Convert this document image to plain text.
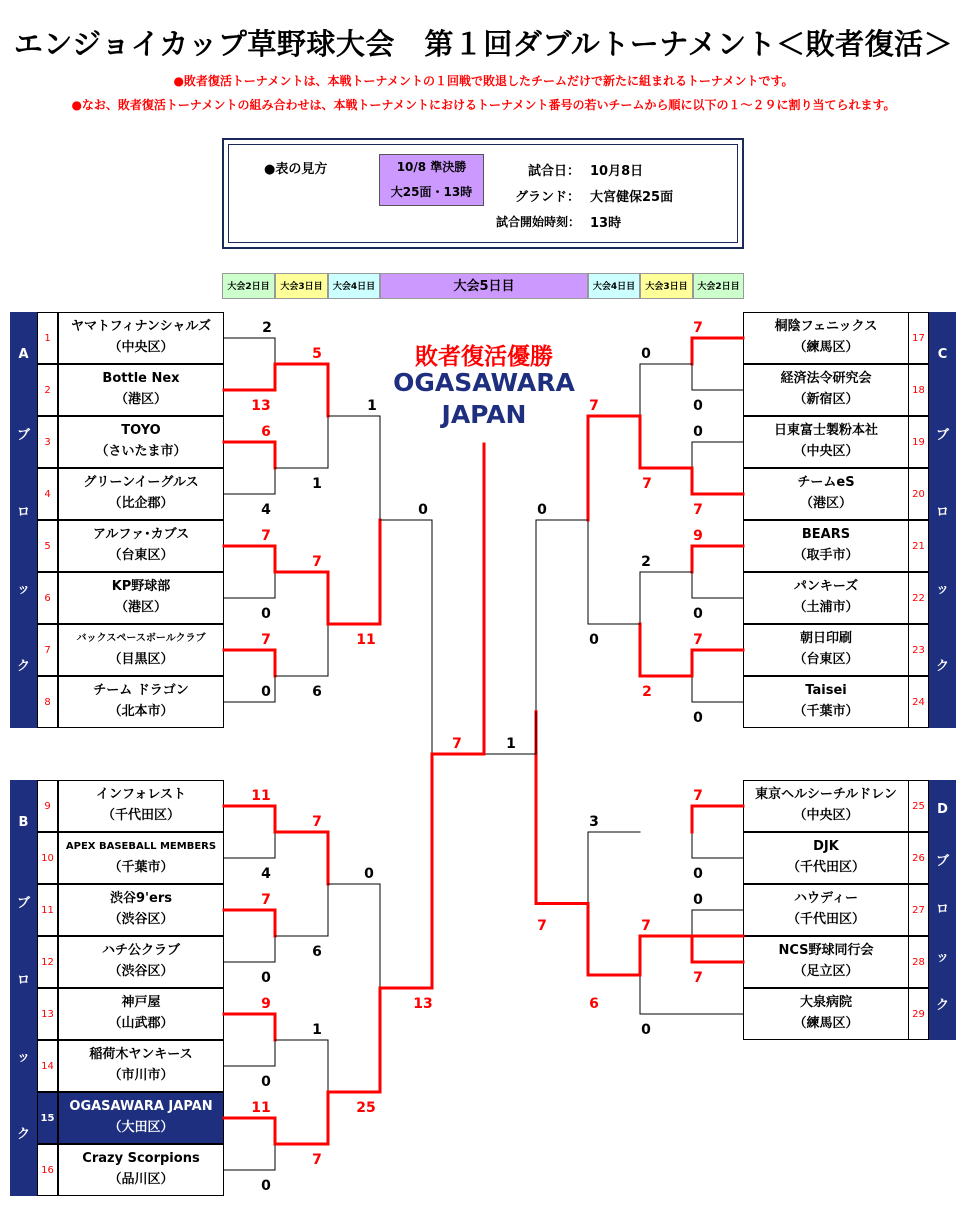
エンジョイカップ草野球大会　第１回ダブルトーナメント＜敗者復活＞
●敗者復活トーナメントは、本戦トーナメントの１回戦で敗退したチームだけで新たに組まれるトーナメントです。
●なお、敗者復活トーナメントの組み合わせは、本戦トーナメントにおけるトーナメント番号の若いチームから順に以下の１～２９に割り当てられます。
●表の見方	10/8 準決勝
大25面・13時
試合日： 10月8日
グランド： 大宮健保25面
試合開始時刻： 13時
大会2日目	大会3日目	大会4日目	大会5日目	大会4日目	大会3日目	大会2日目
A
ブ
ロ
ッ
ク
B
ブ
ロ
ッ
ク
C
ブ
ロ
ッ
ク
D
ブ
ロ
ッ
ク
1
ヤマトフィナンシャルズ
（中央区）
2
Bottle Nex
（港区）
3
TOYO
（さいたま市）
4
グリーンイーグルス
（比企郡）
5
アルファ･カブス
（台東区）
6
KP野球部
（港区）
7
バックスペースボールクラブ
（目黒区）
8
チーム ドラゴン
（北本市）
9
インフォレスト
（千代田区）
10
APEX BASEBALL MEMBERS
（千葉市）
11
渋谷9'ers
（渋谷区）
12
ハチ公クラブ
（渋谷区）
13
神戸屋
（山武郡）
14
稲荷木ヤンキース
（市川市）
15
OGASAWARA JAPAN
（大田区）
16
Crazy Scorpions
（品川区）
17
桐陰フェニックス
（練馬区）
18
経済法令研究会
（新宿区）
19
日東富士製粉本社
（中央区）
20
チームeS
（港区）
21
BEARS
（取手市）
22
パンキーズ
（土浦市）
23
朝日印刷
（台東区）
24
Taisei
（千葉市）
25
東京ヘルシーチルドレン
（中央区）
26
DJK
（千代田区）
27
ハウディー
（千代田区）
28
NCS野球同行会
（足立区）
29
大泉病院
（練馬区）
敗者復活優勝
OGASAWARA
JAPAN
2
13
5
6
4
1
1
7
0
7
7
0	6
11
0
11
4
7
7
0
6
0
9
1
0
11
0
7
25
13
7	1
7
0
0
0
7
7
7
0
9
2
0
7
0
2
0
7
0
3
0
7
7
0
6
7
